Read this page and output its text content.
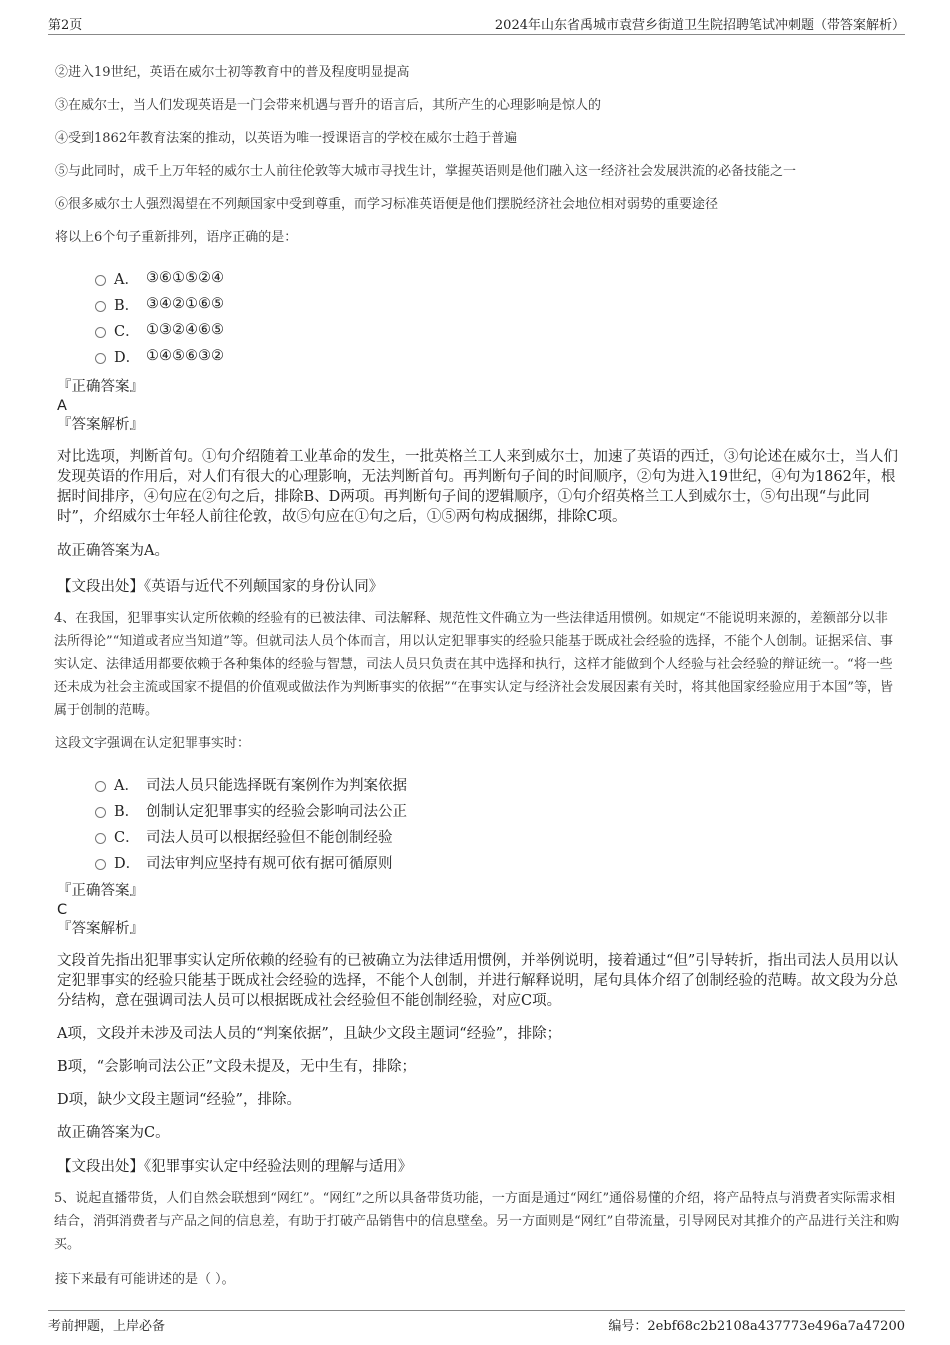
第2页	2024年山东省禹城市袁营乡街道卫生院招聘笔试冲刺题（带答案解析）

②进入19世纪，英语在威尔士初等教育中的普及程度明显提高

③在威尔士，当人们发现英语是一门会带来机遇与晋升的语言后，其所产生的心理影响是惊人的

④受到1862年教育法案的推动，以英语为唯一授课语言的学校在威尔士趋于普遍

⑤与此同时，成千上万年轻的威尔士人前往伦敦等大城市寻找生计，掌握英语则是他们融入这一经济社会发展洪流的必备技能之一

⑥很多威尔士人强烈渴望在不列颠国家中受到尊重，而学习标准英语便是他们摆脱经济社会地位相对弱势的重要途径

将以上6个句子重新排列，语序正确的是：

A． ③⑥①⑤②④
B． ③④②①⑥⑤
C． ①③②④⑥⑤
D． ①④⑤⑥③②
『正确答案』
A
『答案解析』
对比选项，判断首句。①句介绍随着工业革命的发生，一批英格兰工人来到威尔士，加速了英语的西迁，③句论述在威尔士，当人们发现英语的作用后，对人们有很大的心理影响，无法判断首句。再判断句子间的时间顺序，②句为进入19世纪，④句为1862年，根据时间排序，④句应在②句之后，排除B、D两项。再判断句子间的逻辑顺序，①句介绍英格兰工人到威尔士，⑤句出现“与此同时”，介绍威尔士年轻人前往伦敦，故⑤句应在①句之后，①⑤两句构成捆绑，排除C项。
故正确答案为A。
【文段出处】《英语与近代不列颠国家的身份认同》

4、在我国，犯罪事实认定所依赖的经验有的已被法律、司法解释、规范性文件确立为一些法律适用惯例。如规定“不能说明来源的，差额部分以非法所得论”“知道或者应当知道”等。但就司法人员个体而言，用以认定犯罪事实的经验只能基于既成社会经验的选择，不能个人创制。证据采信、事实认定、法律适用都要依赖于各种集体的经验与智慧，司法人员只负责在其中选择和执行，这样才能做到个人经验与社会经验的辩证统一。“将一些还未成为社会主流或国家不提倡的价值观或做法作为判断事实的依据”“在事实认定与经济社会发展因素有关时，将其他国家经验应用于本国”等，皆属于创制的范畴。

这段文字强调在认定犯罪事实时：

A． 司法人员只能选择既有案例作为判案依据
B． 创制认定犯罪事实的经验会影响司法公正
C． 司法人员可以根据经验但不能创制经验
D． 司法审判应坚持有规可依有据可循原则
『正确答案』
C
『答案解析』
文段首先指出犯罪事实认定所依赖的经验有的已被确立为法律适用惯例，并举例说明，接着通过“但”引导转折，指出司法人员用以认定犯罪事实的经验只能基于既成社会经验的选择，不能个人创制，并进行解释说明，尾句具体介绍了创制经验的范畴。故文段为分总分结构，意在强调司法人员可以根据既成社会经验但不能创制经验，对应C项。
A项，文段并未涉及司法人员的“判案依据”，且缺少文段主题词“经验”，排除；
B项，“会影响司法公正”文段未提及，无中生有，排除；
D项，缺少文段主题词“经验”，排除。
故正确答案为C。
【文段出处】《犯罪事实认定中经验法则的理解与适用》

5、说起直播带货，人们自然会联想到“网红”。“网红”之所以具备带货功能，一方面是通过“网红”通俗易懂的介绍，将产品特点与消费者实际需求相结合，消弭消费者与产品之间的信息差，有助于打破产品销售中的信息壁垒。另一方面则是“网红”自带流量，引导网民对其推介的产品进行关注和购买。

接下来最有可能讲述的是（ ）。

考前押题，上岸必备	编号：2ebf68c2b2108a437773e496a7a47200
